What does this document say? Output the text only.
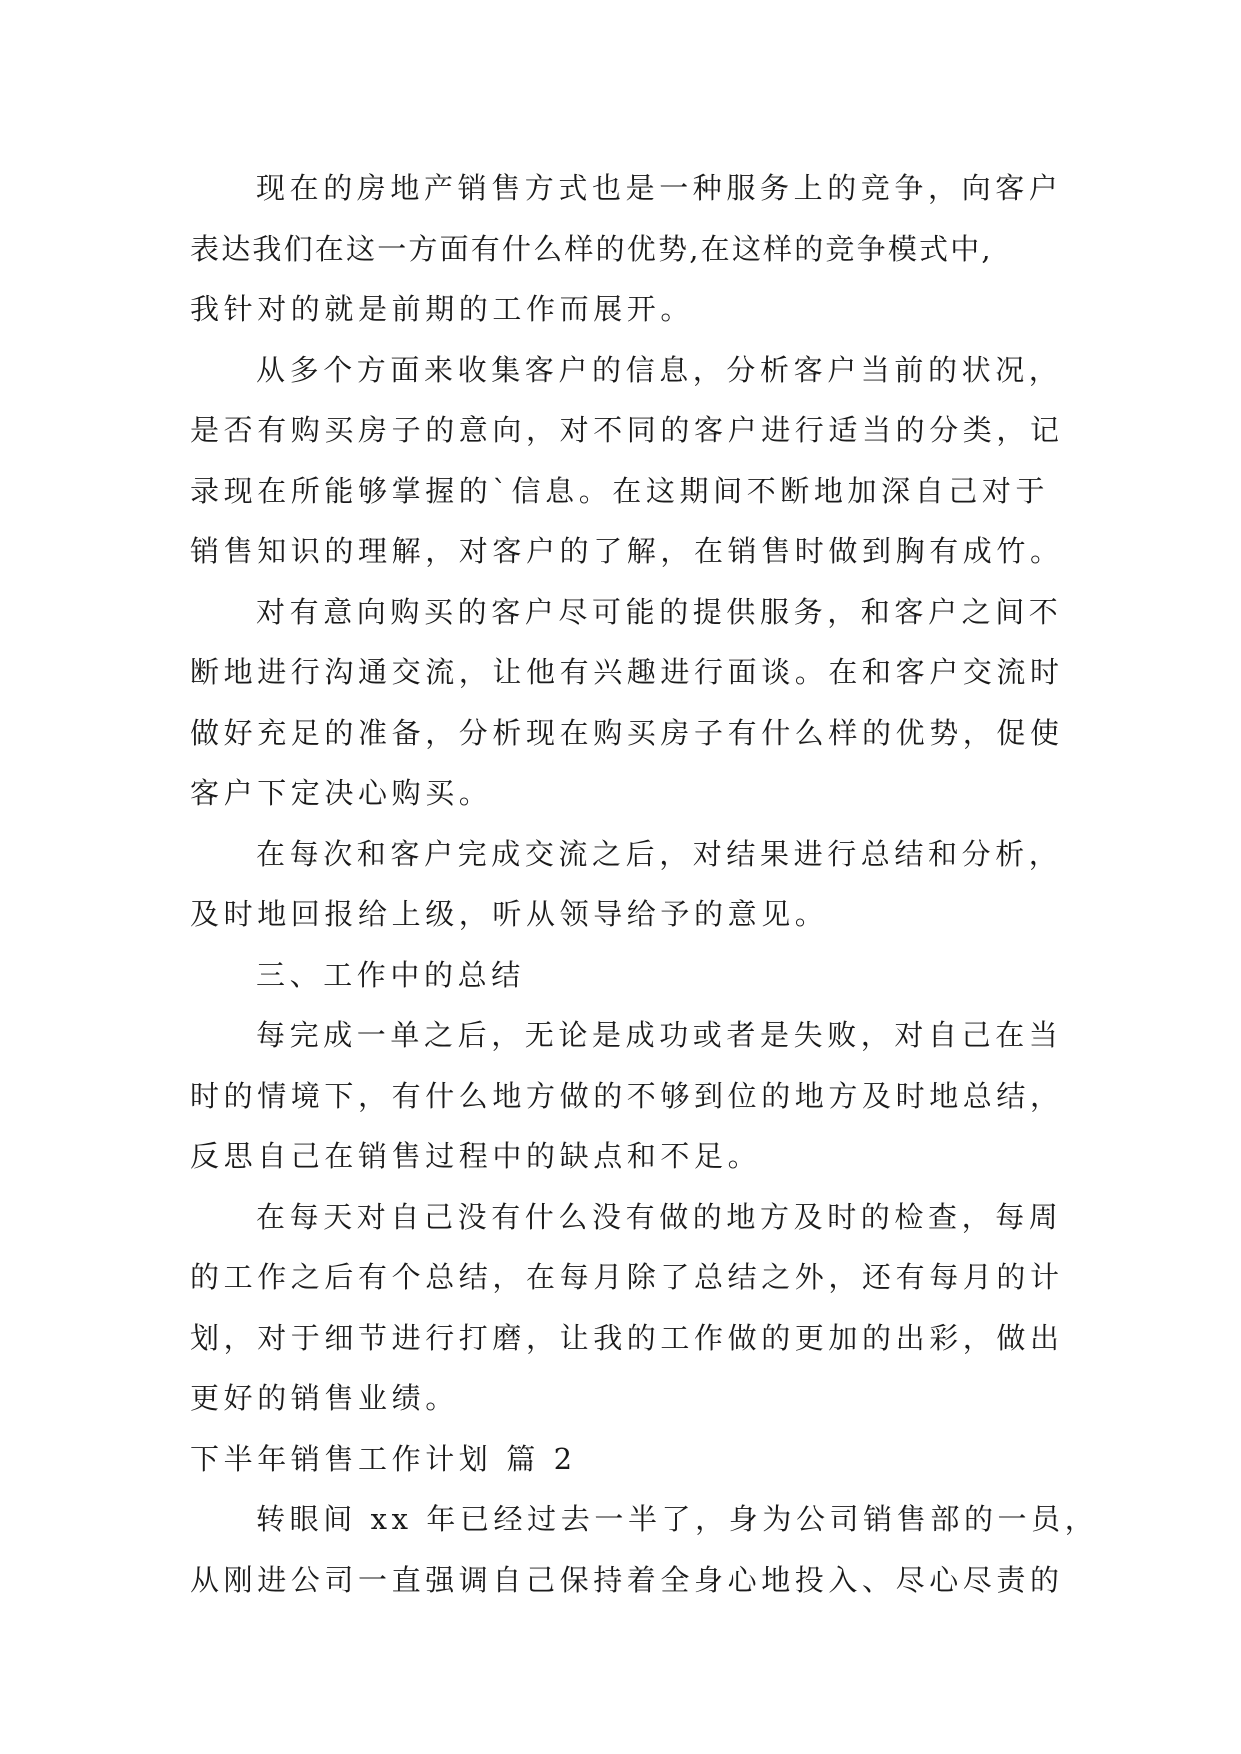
现在的房地产销售方式也是一种服务上的竞争，向客户
表达我们在这一方面有什么样的优势,在这样的竞争模式中,
我针对的就是前期的工作而展开。
从多个方面来收集客户的信息，分析客户当前的状况，
是否有购买房子的意向，对不同的客户进行适当的分类，记
录现在所能够掌握的`信息。在这期间不断地加深自己对于
销售知识的理解，对客户的了解，在销售时做到胸有成竹。
对有意向购买的客户尽可能的提供服务，和客户之间不
断地进行沟通交流，让他有兴趣进行面谈。在和客户交流时
做好充足的准备，分析现在购买房子有什么样的优势，促使
客户下定决心购买。
在每次和客户完成交流之后，对结果进行总结和分析，
及时地回报给上级，听从领导给予的意见。
三、工作中的总结
每完成一单之后，无论是成功或者是失败，对自己在当
时的情境下，有什么地方做的不够到位的地方及时地总结，
反思自己在销售过程中的缺点和不足。
在每天对自己没有什么没有做的地方及时的检查，每周
的工作之后有个总结，在每月除了总结之外，还有每月的计
划，对于细节进行打磨，让我的工作做的更加的出彩，做出
更好的销售业绩。
下半年销售工作计划 篇 2
转眼间 xx 年已经过去一半了，身为公司销售部的一员，
从刚进公司一直强调自己保持着全身心地投入、尽心尽责的
